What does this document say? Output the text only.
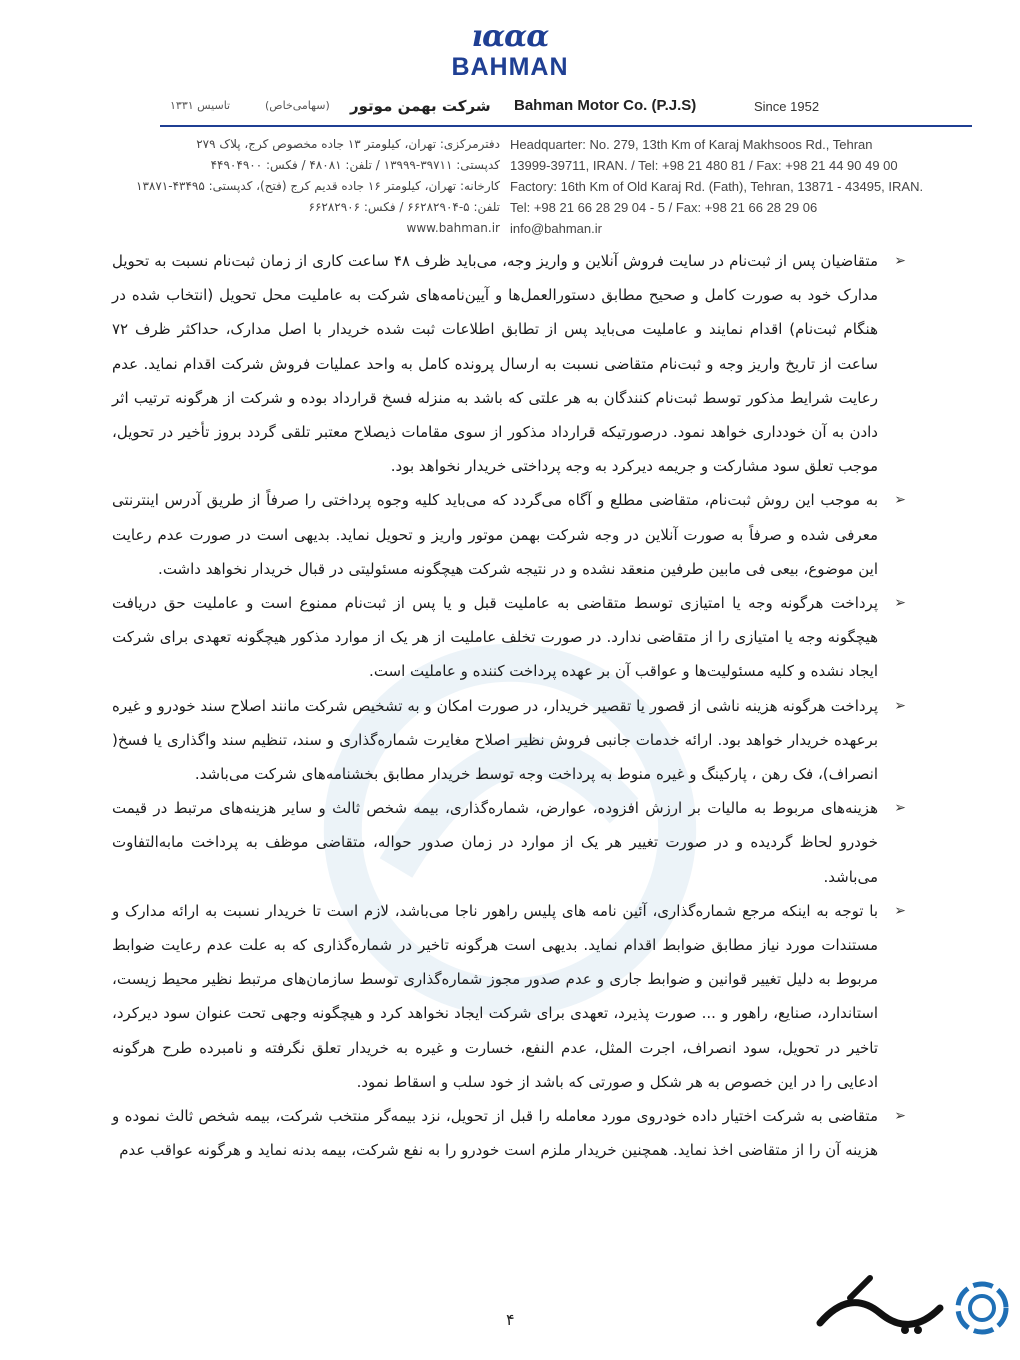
ıɑɑɑ
BAHMAN
تاسیس ۱۳۳۱	(سهامی‌خاص) شرکت بهمن موتور Bahman Motor Co. (P.J.S)	Since 1952
Headquarter: No. 279, 13th Km of Karaj Makhsoos Rd., Tehran
13999-39711, IRAN. / Tel: +98 21 480 81 / Fax: +98 21 44 90 49 00
Factory: 16th Km of Old Karaj Rd. (Fath), Tehran, 13871 - 43495, IRAN.
Tel: +98 21 66 28 29 04 - 5 / Fax: +98 21 66 28 29 06
info@bahman.ir
دفترمرکزی: تهران، کیلومتر ۱۳ جاده مخصوص کرج، پلاک ۲۷۹
کدپستی: ۳۹۷۱۱-۱۳۹۹۹ / تلفن: ۴۸۰۸۱ / فکس: ۴۴۹۰۴۹۰۰
کارخانه: تهران، کیلومتر ۱۶ جاده قدیم کرج (فتح)، کدپستی: ۴۳۴۹۵-۱۳۸۷۱
تلفن: ۵-۶۶۲۸۲۹۰۴ / فکس: ۶۶۲۸۲۹۰۶
www.bahman.ir

➢
متقاضیان پس از ثبت‌نام در سایت فروش آنلاین و واریز وجه، می‌باید ظرف ۴۸ ساعت کاری از زمان ثبت‌نام نسبت به تحویل مدارک خود به صورت کامل و صحیح مطابق دستورالعمل‌ها و آیین‌نامه‌های شرکت به عاملیت محل تحویل (انتخاب شده در هنگام ثبت‌نام) اقدام نمایند و عاملیت می‌باید پس از تطابق اطلاعات ثبت شده خریدار با اصل مدارک، حداکثر ظرف ۷۲ ساعت از تاریخ واریز وجه و ثبت‌نام متقاضی نسبت به ارسال پرونده کامل به واحد عملیات فروش شرکت اقدام نماید. عدم رعایت شرایط مذکور توسط ثبت‌نام کنندگان به هر علتی که باشد به منزله فسخ قرارداد بوده و شرکت از هرگونه ترتیب اثر دادن به آن خودداری خواهد نمود. درصورتیکه قرارداد مذکور از سوی مقامات ذیصلاح معتبر تلقی گردد بروز تأخیر در تحویل، موجب تعلق سود مشارکت و جریمه دیرکرد به وجه پرداختی خریدار نخواهد بود.

➢
به موجب این روش ثبت‌نام، متقاضی مطلع و آگاه می‌گردد که می‌باید کلیه وجوه پرداختی را صرفاً از طریق آدرس اینترنتی معرفی شده و صرفاً به صورت آنلاین در وجه شرکت بهمن موتور واریز و تحویل نماید. بدیهی است در صورت عدم رعایت این موضوع، بیعی فی مابین طرفین منعقد نشده و در نتیجه شرکت هیچگونه مسئولیتی در قبال خریدار نخواهد داشت.

➢
پرداخت هرگونه وجه یا امتیازی توسط متقاضی به عاملیت قبل و یا پس از ثبت‌نام ممنوع است و عاملیت حق دریافت هیچگونه وجه یا امتیازی را از متقاضی ندارد. در صورت تخلف عاملیت از هر یک از موارد مذکور هیچگونه تعهدی برای شرکت ایجاد نشده و کلیه مسئولیت‌ها و عواقب آن بر عهده پرداخت کننده و عاملیت است.

➢
پرداخت هرگونه هزینه ناشی از قصور یا تقصیر خریدار، در صورت امکان و به تشخیص شرکت مانند اصلاح سند خودرو و غیره برعهده خریدار خواهد بود. ارائه خدمات جانبی فروش نظیر اصلاح مغایرت شماره‌گذاری و سند، تنظیم سند واگذاری یا فسخ( انصراف)، فک رهن ، پارکینگ و غیره منوط به پرداخت وجه توسط خریدار مطابق بخشنامه‌های شرکت می‌باشد.

➢
هزینه‌های مربوط به مالیات بر ارزش افزوده، عوارض، شماره‌گذاری، بیمه شخص ثالث و سایر هزینه‌های مرتبط در قیمت خودرو لحاظ گردیده و در صورت تغییر هر یک از موارد در زمان صدور حواله، متقاضی موظف به پرداخت مابه‌التفاوت می‌باشد.

➢
با توجه به اینکه مرجع شماره‌گذاری، آئین نامه های پلیس راهور ناجا می‌باشد، لازم است تا خریدار نسبت به ارائه مدارک و مستندات مورد نیاز مطابق ضوابط اقدام نماید. بدیهی است هرگونه تاخیر در شماره‌گذاری که به علت عدم رعایت ضوابط مربوط به دلیل تغییر قوانین و ضوابط جاری و عدم صدور مجوز شماره‌گذاری توسط سازمان‌های مرتبط نظیر محیط زیست، استاندارد، صنایع، راهور و ... صورت پذیرد، تعهدی برای شرکت ایجاد نخواهد کرد و هیچگونه وجهی تحت عنوان سود دیرکرد، تاخیر در تحویل، سود انصراف، اجرت المثل، عدم النفع، خسارت و غیره به خریدار تعلق نگرفته و نامبرده طرح هرگونه ادعایی را در این خصوص به هر شکل و صورتی که باشد از خود سلب و اسقاط نمود.

➢
متقاضی به شرکت اختیار داده خودروی مورد معامله را قبل از تحویل، نزد بیمه‌گر منتخب شرکت، بیمه شخص ثالث نموده و هزینه آن را از متقاضی اخذ نماید. همچنین خریدار ملزم است خودرو را به نفع شرکت، بیمه بدنه نماید و هرگونه عواقب عدم

۴
